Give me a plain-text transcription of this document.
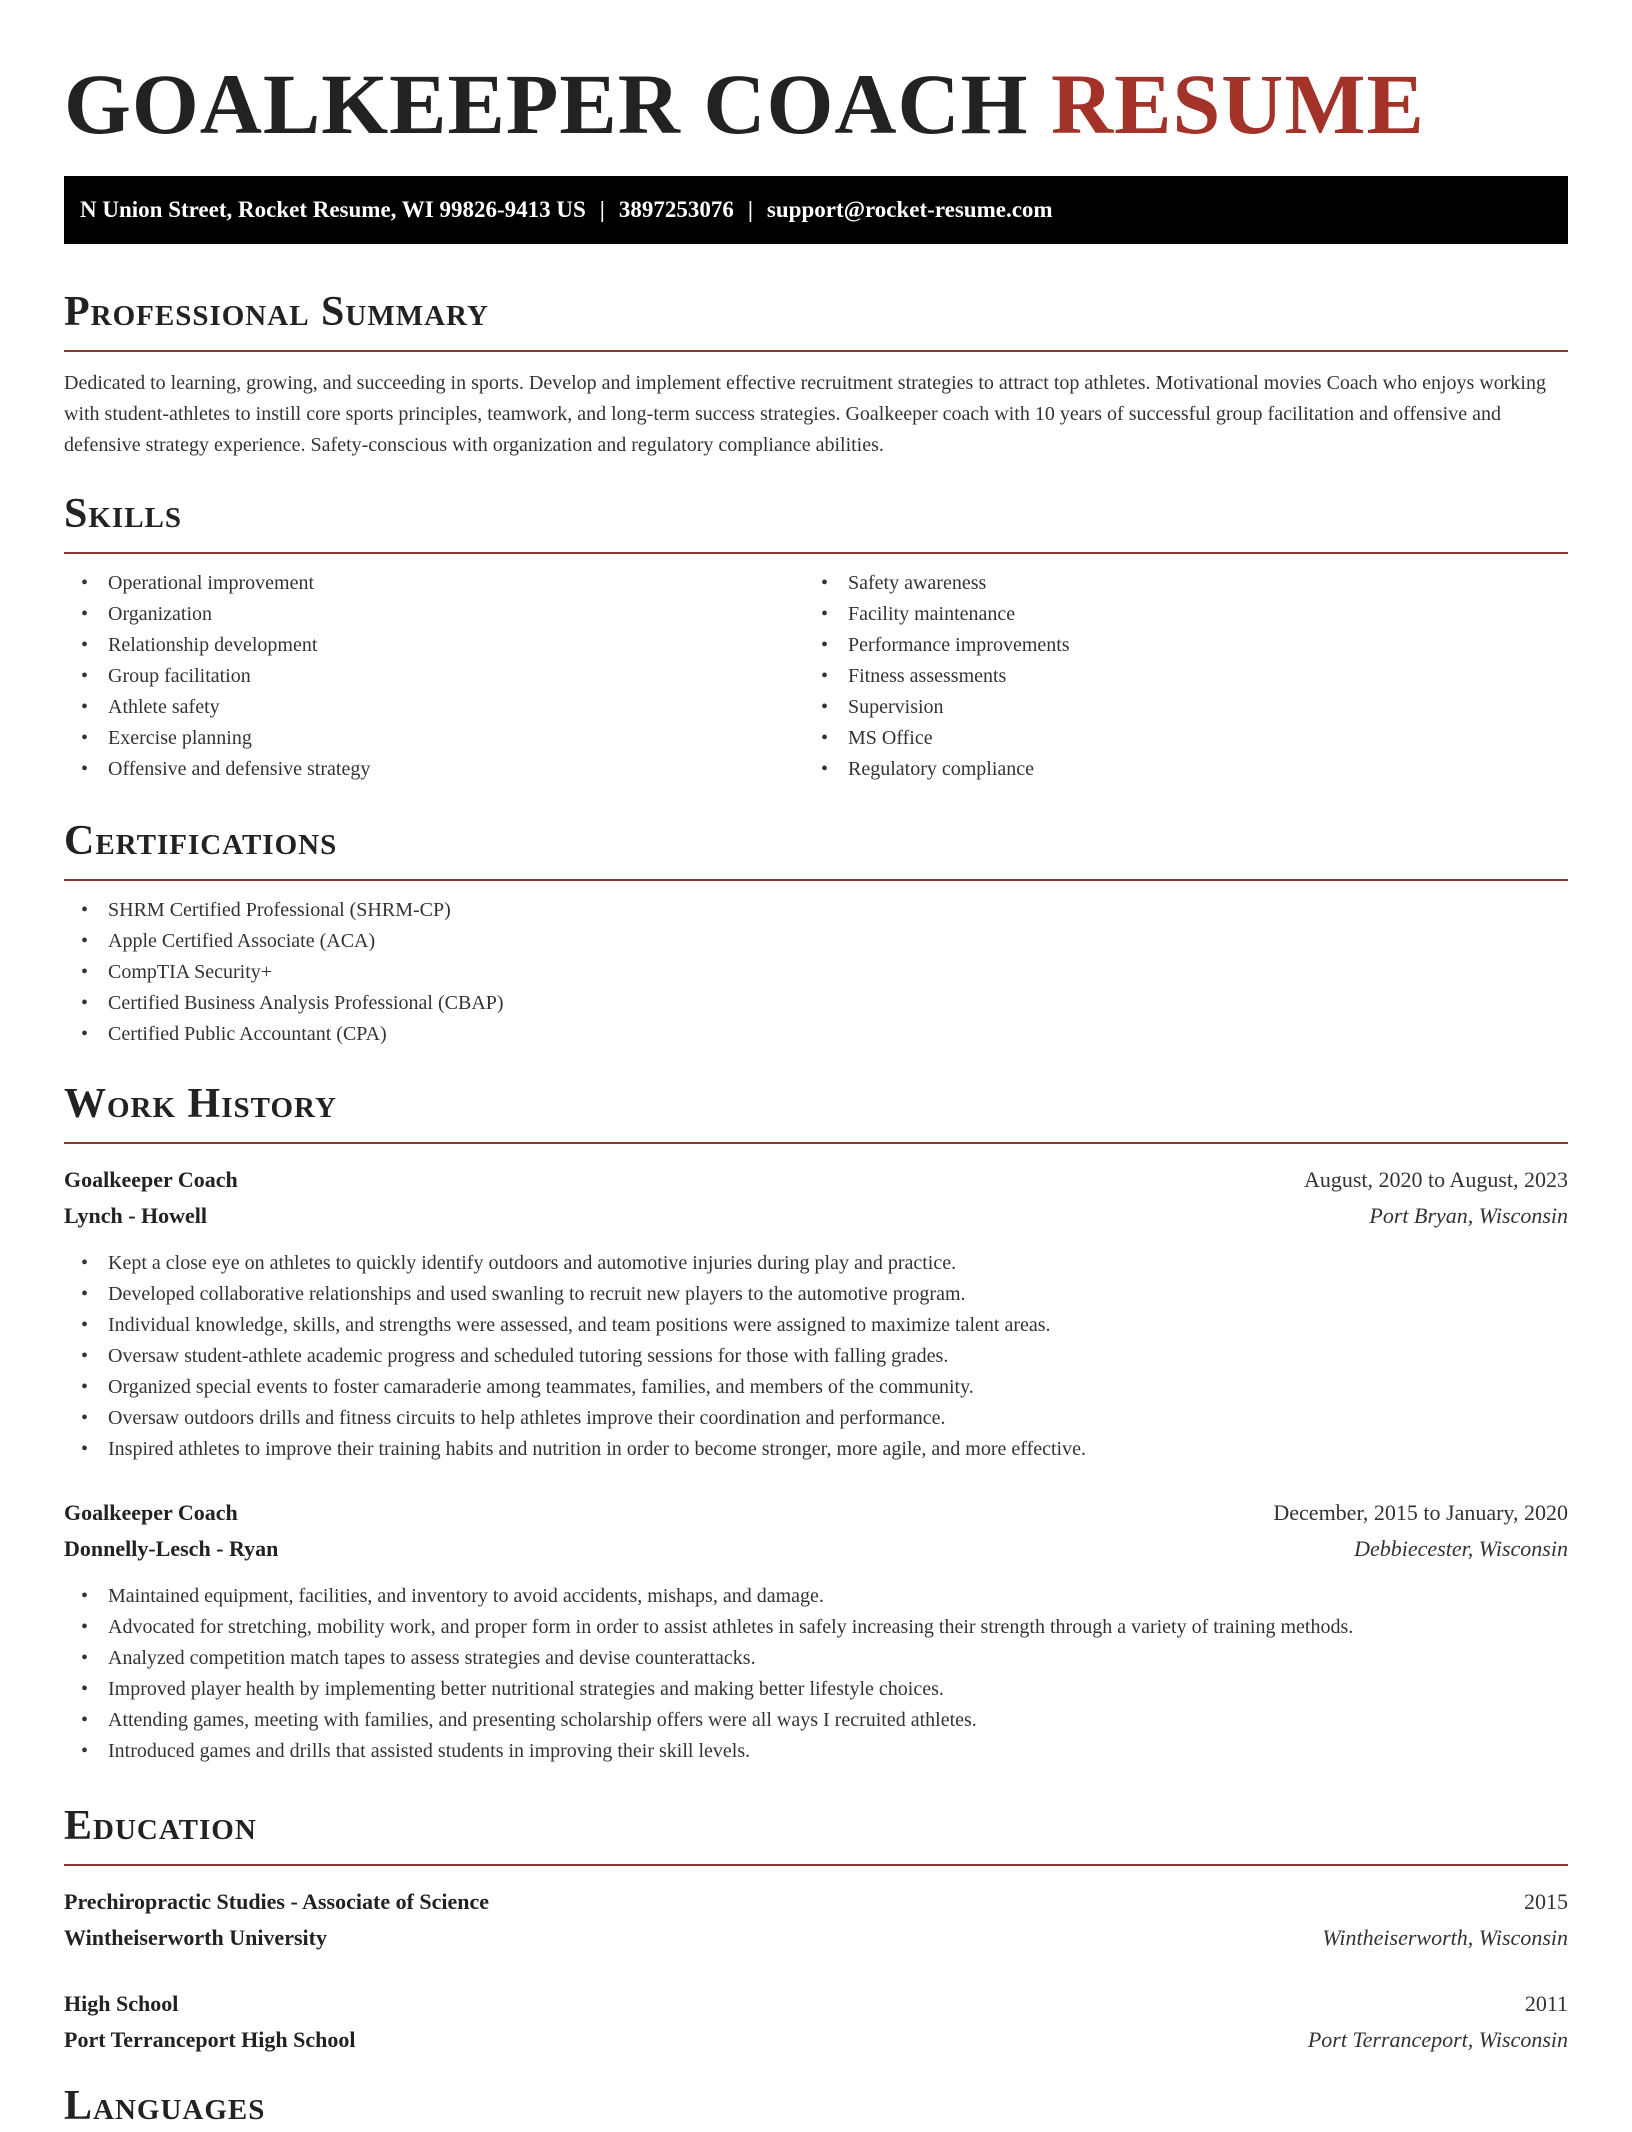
GOALKEEPER COACH RESUME
N Union Street, Rocket Resume, WI 99826-9413 US | 3897253076 | support@rocket-resume.com
Professional Summary

Dedicated to learning, growing, and succeeding in sports. Develop and implement effective recruitment strategies to attract top athletes. Motivational movies Coach who enjoys working with student-athletes to instill core sports principles, teamwork, and long-term success strategies. Goalkeeper coach with 10 years of successful group facilitation and offensive and defensive strategy experience. Safety-conscious with organization and regulatory compliance abilities.

Skills
• Operational improvement
• Organization
• Relationship development
• Group facilitation
• Athlete safety
• Exercise planning
• Offensive and defensive strategy
• Safety awareness
• Facility maintenance
• Performance improvements
• Fitness assessments
• Supervision
• MS Office
• Regulatory compliance
Certifications
• SHRM Certified Professional (SHRM-CP)
• Apple Certified Associate (ACA)
• CompTIA Security+
• Certified Business Analysis Professional (CBAP)
• Certified Public Accountant (CPA)
Work History
Goalkeeper Coach	August, 2020 to August, 2023
Lynch - Howell	Port Bryan, Wisconsin
• Kept a close eye on athletes to quickly identify outdoors and automotive injuries during play and practice.
• Developed collaborative relationships and used swanling to recruit new players to the automotive program.
• Individual knowledge, skills, and strengths were assessed, and team positions were assigned to maximize talent areas.
• Oversaw student-athlete academic progress and scheduled tutoring sessions for those with falling grades.
• Organized special events to foster camaraderie among teammates, families, and members of the community.
• Oversaw outdoors drills and fitness circuits to help athletes improve their coordination and performance.
• Inspired athletes to improve their training habits and nutrition in order to become stronger, more agile, and more effective.
Goalkeeper Coach	December, 2015 to January, 2020
Donnelly-Lesch - Ryan	Debbiecester, Wisconsin
• Maintained equipment, facilities, and inventory to avoid accidents, mishaps, and damage.
• Advocated for stretching, mobility work, and proper form in order to assist athletes in safely increasing their strength through a variety of training methods.
• Analyzed competition match tapes to assess strategies and devise counterattacks.
• Improved player health by implementing better nutritional strategies and making better lifestyle choices.
• Attending games, meeting with families, and presenting scholarship offers were all ways I recruited athletes.
• Introduced games and drills that assisted students in improving their skill levels.
Education
Prechiropractic Studies - Associate of Science	2015
Wintheiserworth University	Wintheiserworth, Wisconsin
High School	2011
Port Terranceport High School	Port Terranceport, Wisconsin
Languages
